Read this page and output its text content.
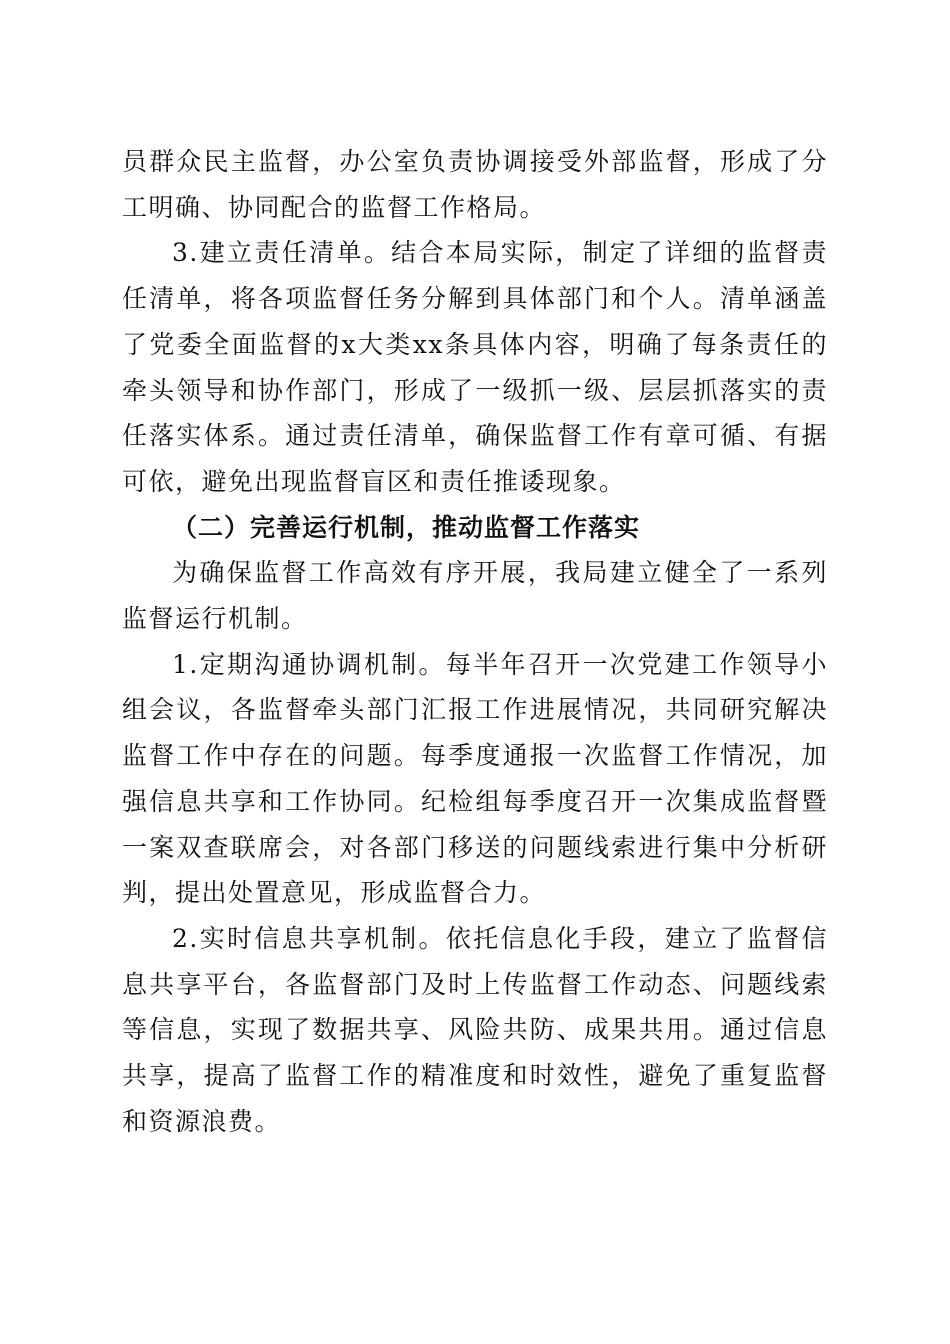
员群众民主监督，办公室负责协调接受外部监督，形成了分工明确、协同配合的监督工作格局。

3.建立责任清单。结合本局实际，制定了详细的监督责任清单，将各项监督任务分解到具体部门和个人。清单涵盖了党委全面监督的x大类xx条具体内容，明确了每条责任的牵头领导和协作部门，形成了一级抓一级、层层抓落实的责任落实体系。通过责任清单，确保监督工作有章可循、有据可依，避免出现监督盲区和责任推诿现象。

（二）完善运行机制，推动监督工作落实

为确保监督工作高效有序开展，我局建立健全了一系列监督运行机制。

1.定期沟通协调机制。每半年召开一次党建工作领导小组会议，各监督牵头部门汇报工作进展情况，共同研究解决监督工作中存在的问题。每季度通报一次监督工作情况，加强信息共享和工作协同。纪检组每季度召开一次集成监督暨一案双查联席会，对各部门移送的问题线索进行集中分析研判，提出处置意见，形成监督合力。

2.实时信息共享机制。依托信息化手段，建立了监督信息共享平台，各监督部门及时上传监督工作动态、问题线索等信息，实现了数据共享、风险共防、成果共用。通过信息共享，提高了监督工作的精准度和时效性，避免了重复监督和资源浪费。
